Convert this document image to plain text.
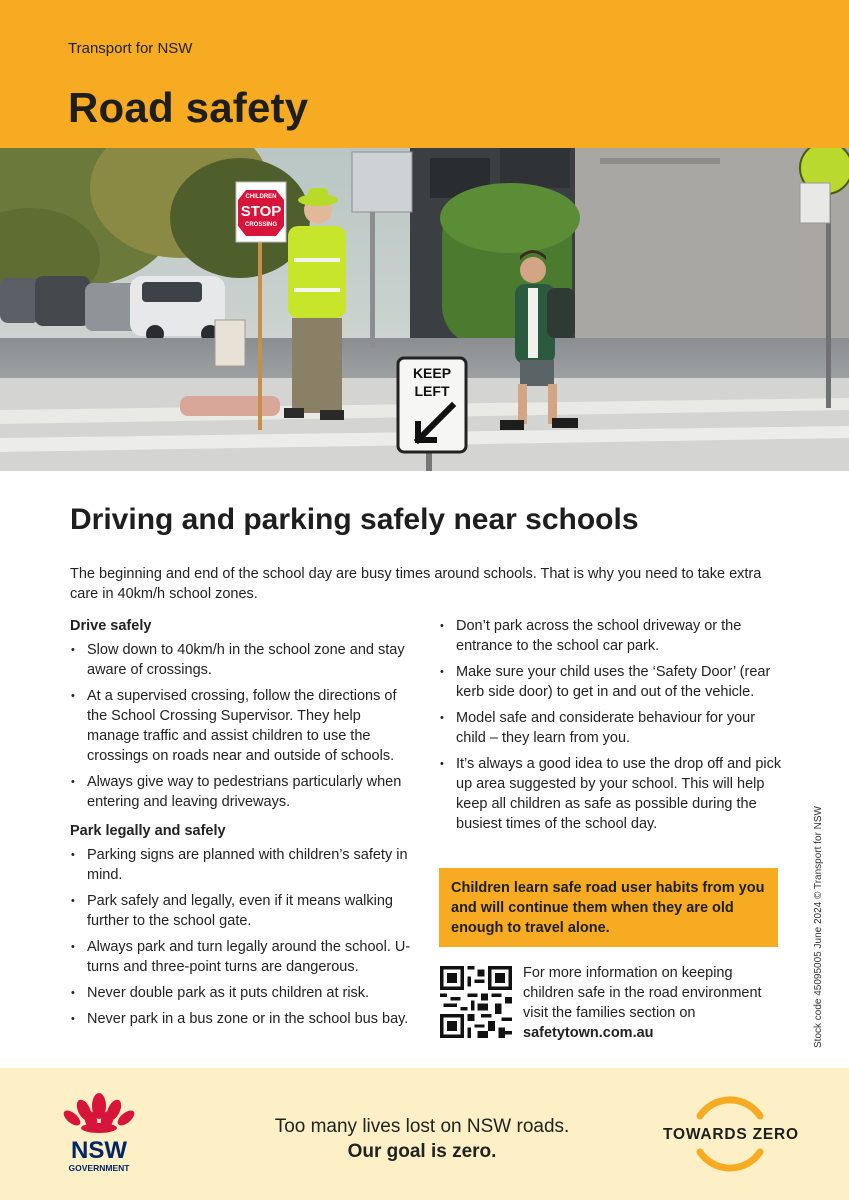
Transport for NSW
Road safety
CHILDREN
STOP
CROSSING
KEEP
LEFT
Driving and parking safely near schools

The beginning and end of the school day are busy times around schools. That is why you need to take extra care in 40km/h school zones.

Drive safely
• Slow down to 40km/h in the school zone and stay aware of crossings.
• At a supervised crossing, follow the directions of the School Crossing Supervisor. They help manage traffic and assist children to use the crossings on roads near and outside of schools.
• Always give way to pedestrians particularly when entering and leaving driveways.
Park legally and safely
• Parking signs are planned with children’s safety in mind.
• Park safely and legally, even if it means walking further to the school gate.
• Always park and turn legally around the school. U-turns and three-point turns are dangerous.
• Never double park as it puts children at risk.
• Never park in a bus zone or in the school bus bay.
• Don’t park across the school driveway or the entrance to the school car park.
• Make sure your child uses the ‘Safety Door’ (rear kerb side door) to get in and out of the vehicle.
• Model safe and considerate behaviour for your child – they learn from you.
• It’s always a good idea to use the drop off and pick up area suggested by your school. This will help keep all children as safe as possible during the busiest times of the school day.
Children learn safe road user habits from you and will continue them when they are old enough to travel alone.
For more information on keeping children safe in the road environment visit the families section on safetytown.com.au	Stock code 45095005 June 2024 © Transport for NSW
NSW
GOVERNMENT
Too many lives lost on NSW roads.
Our goal is zero.
TOWARDS ZERO
